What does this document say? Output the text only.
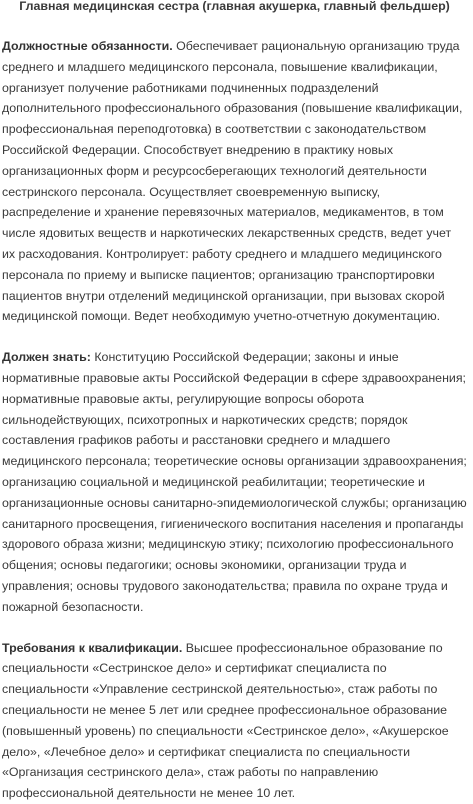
Главная медицинская сестра (главная акушерка, главный фельдшер)

Должностные обязанности. Обеспечивает рациональную организацию труда среднего и младшего медицинского персонала, повышение квалификации, организует получение работниками подчиненных подразделений дополнительного профессионального образования (повышение квалификации, профессиональная переподготовка) в соответствии с законодательством Российской Федерации. Способствует внедрению в практику новых организационных форм и ресурсосберегающих технологий деятельности сестринского персонала. Осуществляет своевременную выписку, распределение и хранение перевязочных материалов, медикаментов, в том числе ядовитых веществ и наркотических лекарственных средств, ведет учет их расходования. Контролирует: работу среднего и младшего медицинского персонала по приему и выписке пациентов; организацию транспортировки пациентов внутри отделений медицинской организации, при вызовах скорой медицинской помощи. Ведет необходимую учетно-отчетную документацию.

Должен знать: Конституцию Российской Федерации; законы и иные нормативные правовые акты Российской Федерации в сфере здравоохранения; нормативные правовые акты, регулирующие вопросы оборота сильнодействующих, психотропных и наркотических средств; порядок составления графиков работы и расстановки среднего и младшего медицинского персонала; теоретические основы организации здравоохранения; организацию социальной и медицинской реабилитации; теоретические и организационные основы санитарно-эпидемиологической службы; организацию санитарного просвещения, гигиенического воспитания населения и пропаганды здорового образа жизни; медицинскую этику; психологию профессионального общения; основы педагогики; основы экономики, организации труда и управления; основы трудового законодательства; правила по охране труда и пожарной безопасности.

Требования к квалификации. Высшее профессиональное образование по специальности «Сестринское дело» и сертификат специалиста по специальности «Управление сестринской деятельностью», стаж работы по специальности не менее 5 лет или среднее профессиональное образование (повышенный уровень) по специальности «Сестринское дело», «Акушерское дело», «Лечебное дело» и сертификат специалиста по специальности «Организация сестринского дела», стаж работы по направлению профессиональной деятельности не менее 10 лет.
